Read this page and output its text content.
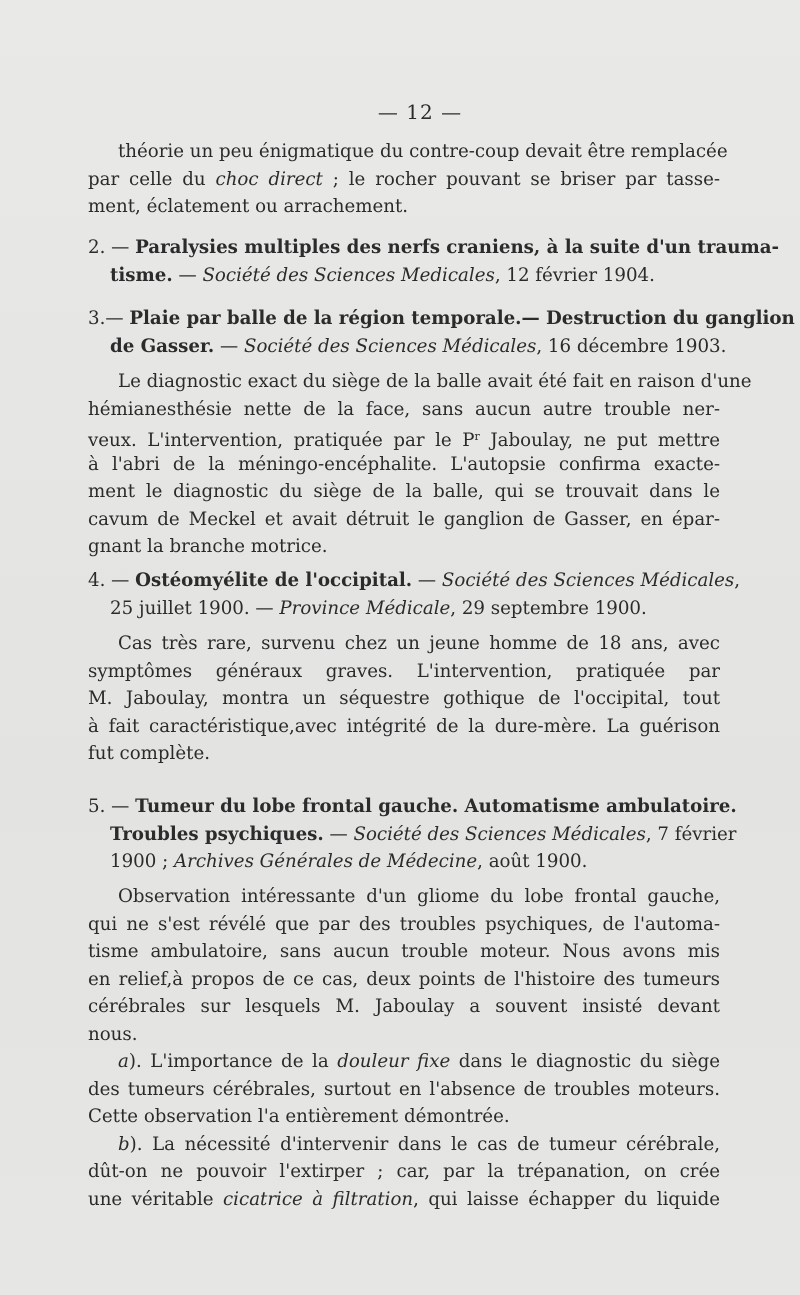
— 12 —
théorie un peu énigmatique du contre-coup devait être remplacée
par celle du choc direct ; le rocher pouvant se briser par tasse-
ment, éclatement ou arrachement.
2. — Paralysies multiples des nerfs craniens, à la suite d'un trauma-
tisme. — Société des Sciences Medicales, 12 février 1904.
3.— Plaie par balle de la région temporale.— Destruction du ganglion
de Gasser. — Société des Sciences Médicales, 16 décembre 1903.
Le diagnostic exact du siège de la balle avait été fait en raison d'une
hémianesthésie nette de la face, sans aucun autre trouble ner-
veux. L'intervention, pratiquée par le $P^r$ Jaboulay, ne put mettre
à l'abri de la méningo-encéphalite. L'autopsie confirma exacte-
ment le diagnostic du siège de la balle, qui se trouvait dans le
cavum de Meckel et avait détruit le ganglion de Gasser, en épar-
gnant la branche motrice.
4. — Ostéomyélite de l'occipital. — Société des Sciences Médicales,
25 juillet 1900. — Province Médicale, 29 septembre 1900.
Cas très rare, survenu chez un jeune homme de 18 ans, avec
symptômes généraux graves. L'intervention, pratiquée par
M. Jaboulay, montra un séquestre gothique de l'occipital, tout
à fait caractéristique,avec intégrité de la dure-mère. La guérison
fut complète.
5. — Tumeur du lobe frontal gauche. Automatisme ambulatoire.
Troubles psychiques. — Société des Sciences Médicales, 7 février
1900 ; Archives Générales de Médecine, août 1900.
Observation intéressante d'un gliome du lobe frontal gauche,
qui ne s'est révélé que par des troubles psychiques, de l'automa-
tisme ambulatoire, sans aucun trouble moteur. Nous avons mis
en relief,à propos de ce cas, deux points de l'histoire des tumeurs
cérébrales sur lesquels M. Jaboulay a souvent insisté devant
nous.
a). L'importance de la douleur fixe dans le diagnostic du siège
des tumeurs cérébrales, surtout en l'absence de troubles moteurs.
Cette observation l'a entièrement démontrée.
b). La nécessité d'intervenir dans le cas de tumeur cérébrale,
dût-on ne pouvoir l'extirper ; car, par la trépanation, on crée
une véritable cicatrice à filtration, qui laisse échapper du liquide
